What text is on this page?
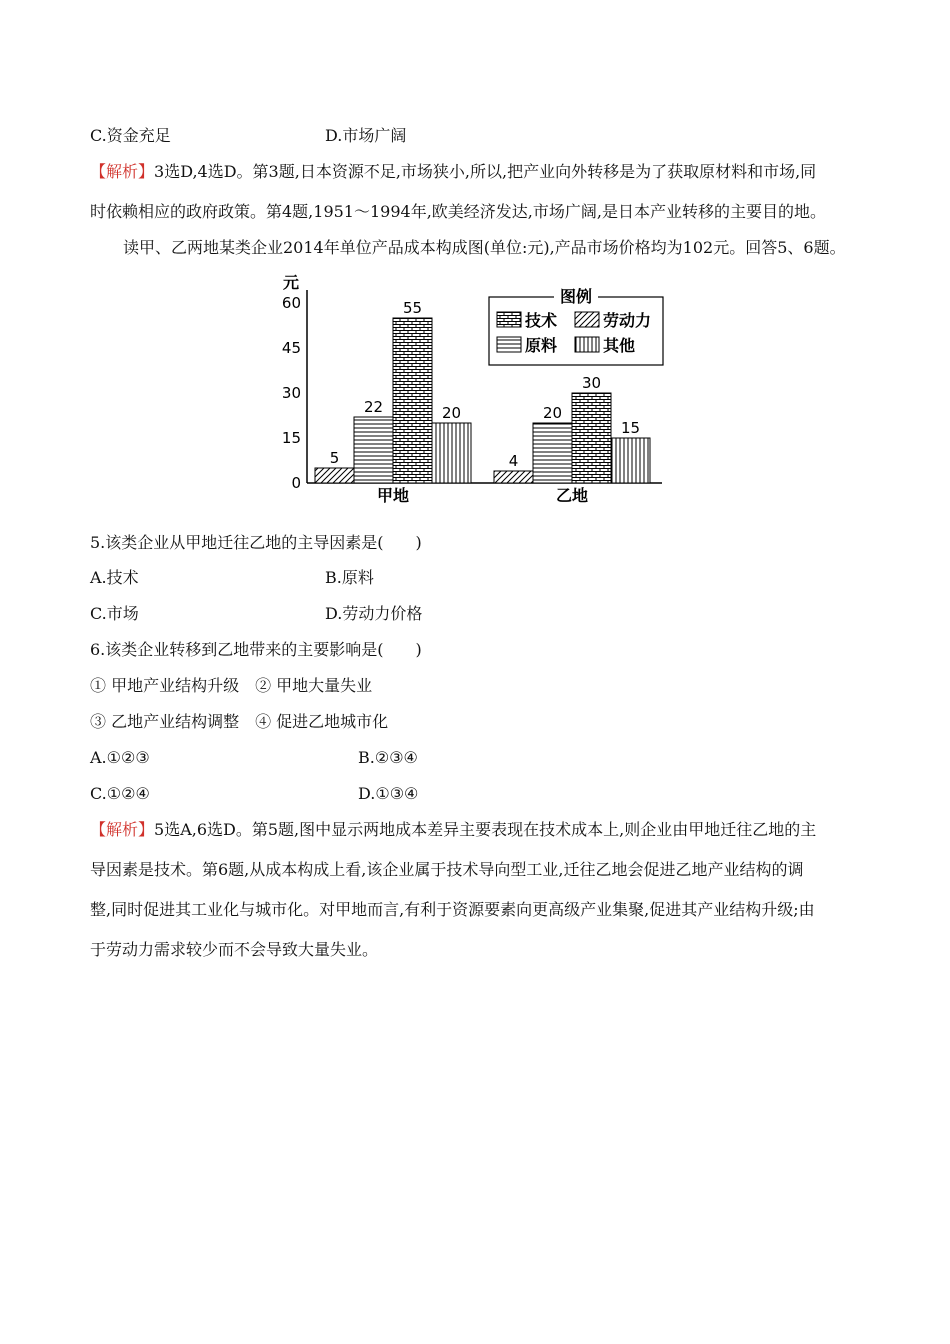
C.资金充足	D.市场广阔
【解析】3选D,4选D。第3题,日本资源不足,市场狭小,所以,把产业向外转移是为了获取原材料和市场,同
时依赖相应的政府政策。第4题,1951～1994年,欧美经济发达,市场广阔,是日本产业转移的主要目的地。
读甲、乙两地某类企业2014年单位产品成本构成图(单位:元),产品市场价格均为102元。回答5、6题。
元
0
15
30
45
60
5
22
55
20
甲地
4
20
30
15
乙地
图例
技术	劳动力
原料	其他
5.该类企业从甲地迁往乙地的主导因素是(　　)
A.技术	B.原料
C.市场	D.劳动力价格
6.该类企业转移到乙地带来的主要影响是(　　)
① 甲地产业结构升级　② 甲地大量失业
③ 乙地产业结构调整　④ 促进乙地城市化
A.①②③	B.②③④
C.①②④	D.①③④
【解析】5选A,6选D。第5题,图中显示两地成本差异主要表现在技术成本上,则企业由甲地迁往乙地的主
导因素是技术。第6题,从成本构成上看,该企业属于技术导向型工业,迁往乙地会促进乙地产业结构的调
整,同时促进其工业化与城市化。对甲地而言,有利于资源要素向更高级产业集聚,促进其产业结构升级;由
于劳动力需求较少而不会导致大量失业。
